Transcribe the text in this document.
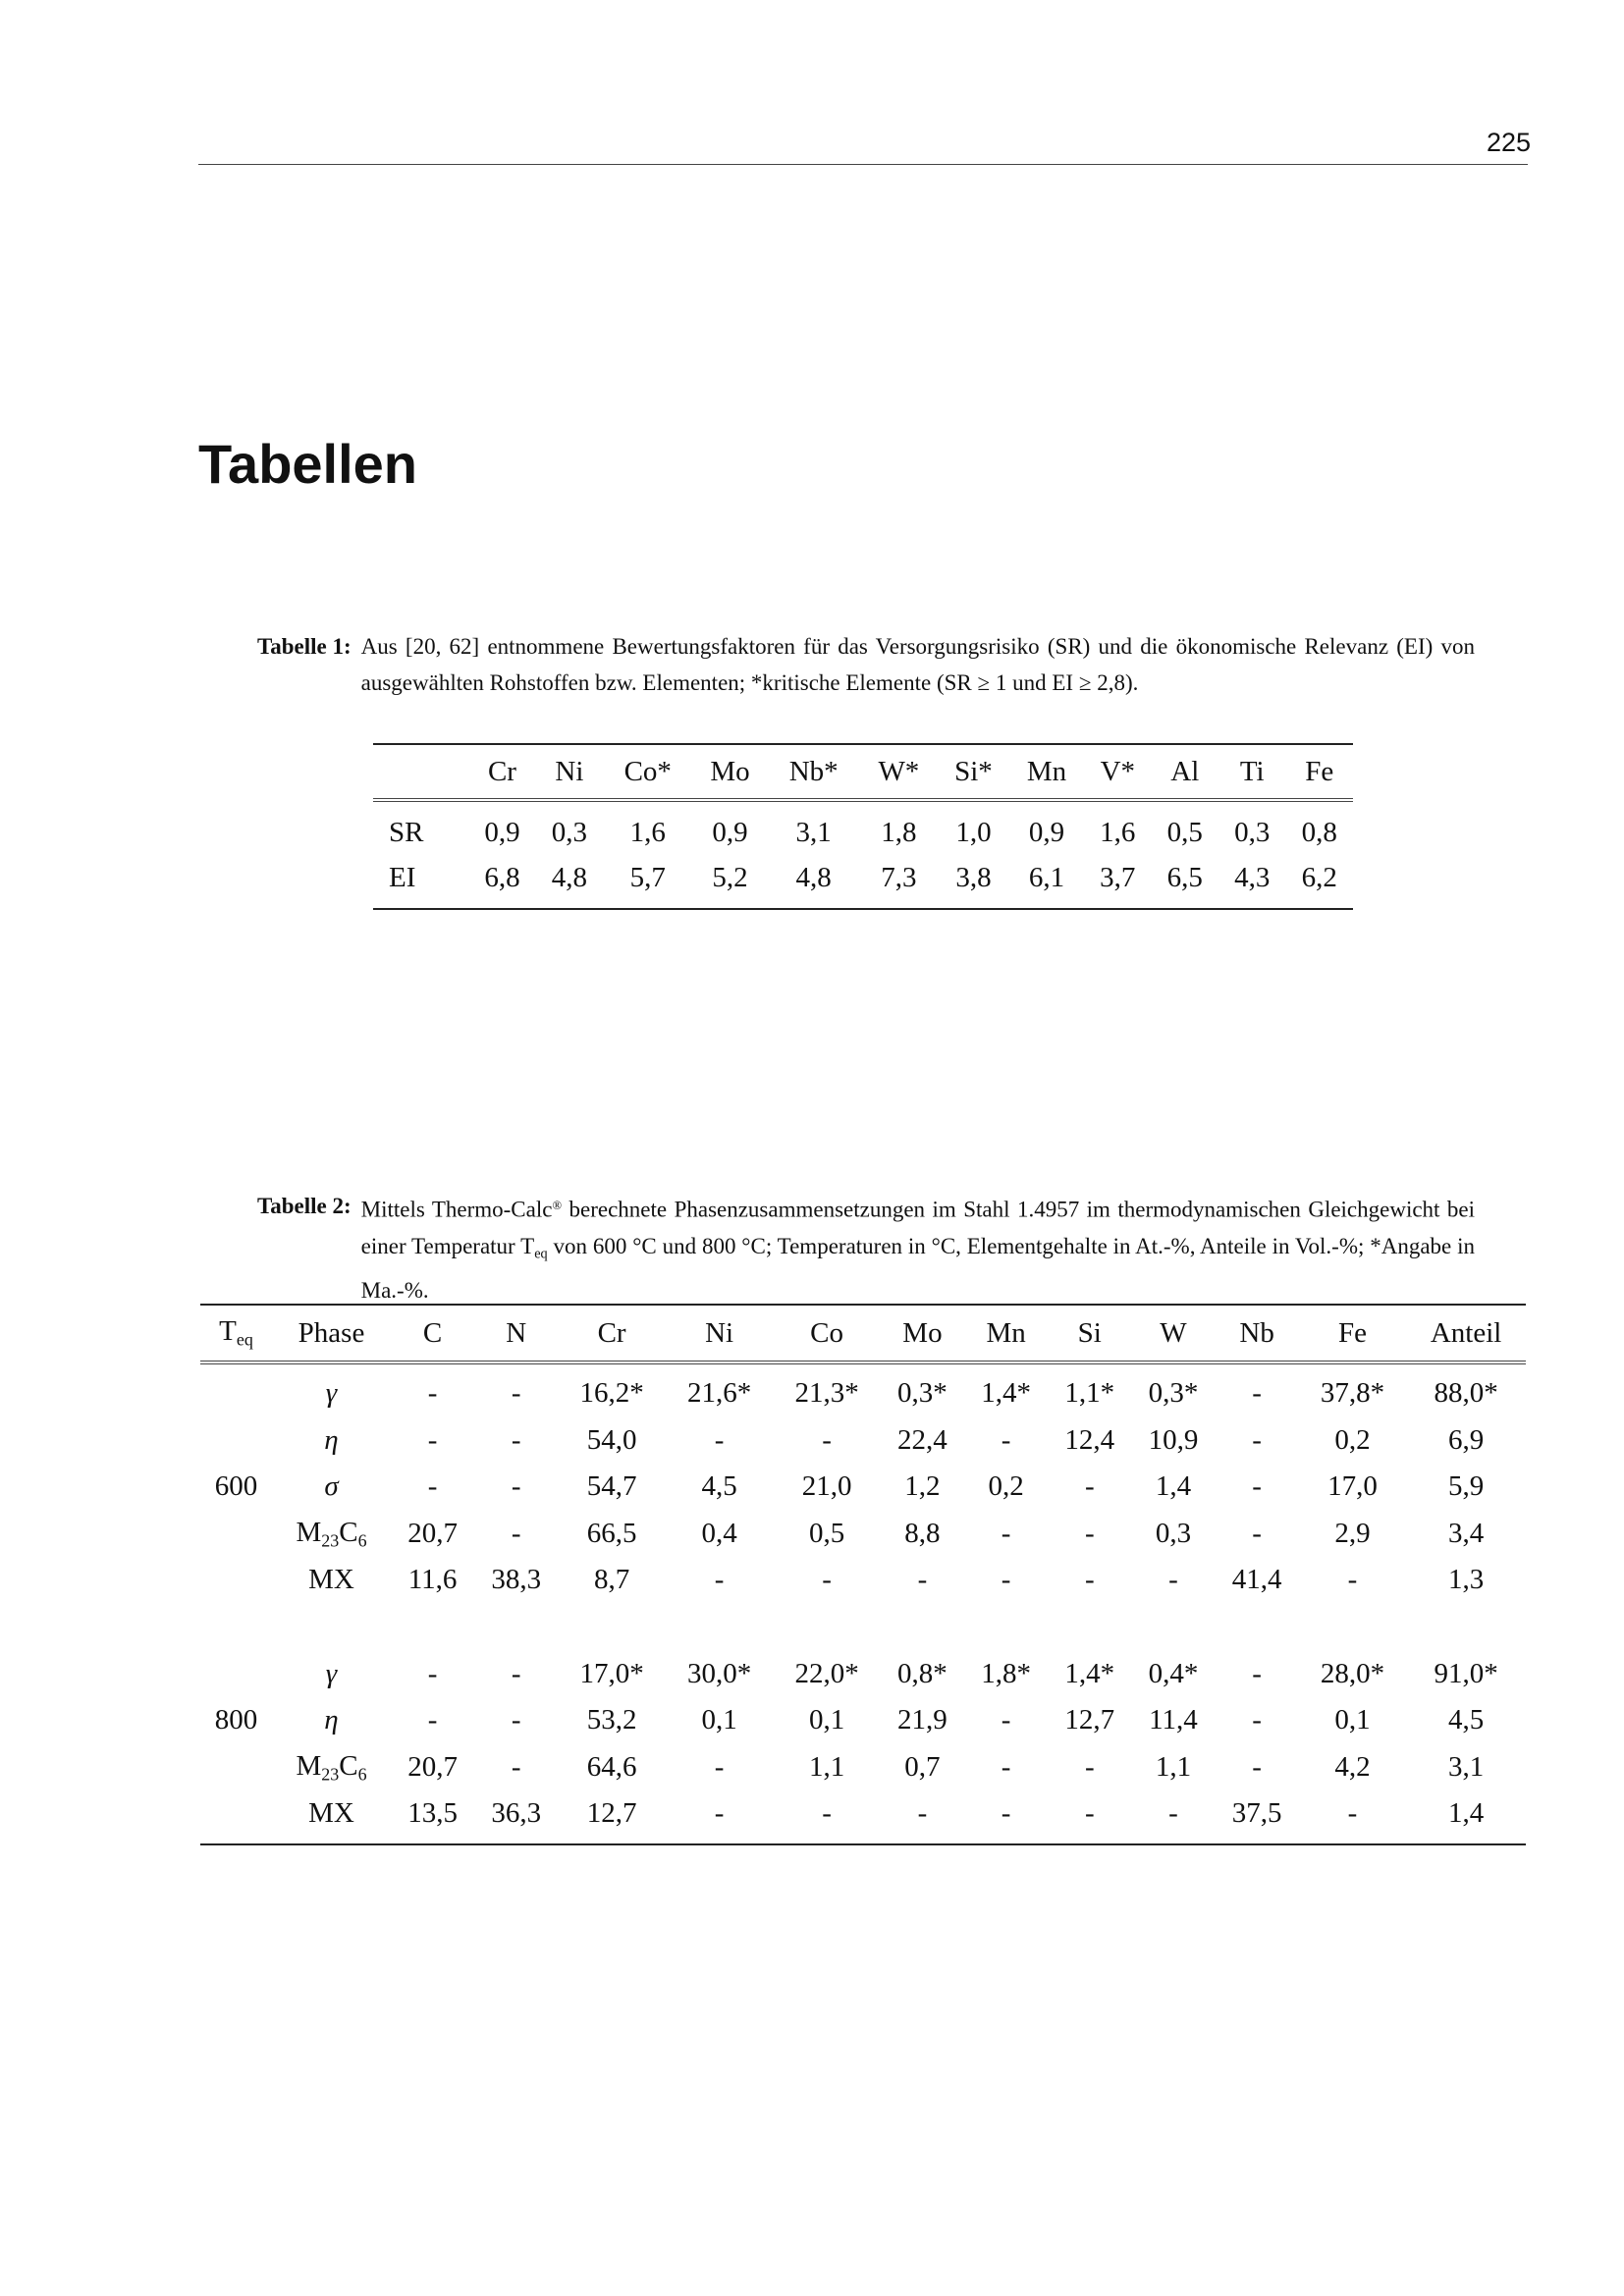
225
Tabellen
Tabelle 1: Aus [20, 62] entnommene Bewertungsfaktoren für das Versorgungsrisiko (SR) und die ökonomische Relevanz (EI) von ausgewählten Rohstoffen bzw. Elementen; *kritische Elemente (SR ≥ 1 und EI ≥ 2,8).
	Cr	Ni	Co*	Mo	Nb*	W*	Si*	Mn	V*	Al	Ti	Fe
SR	0,9	0,3	1,6	0,9	3,1	1,8	1,0	0,9	1,6	0,5	0,3	0,8
EI	6,8	4,8	5,7	5,2	4,8	7,3	3,8	6,1	3,7	6,5	4,3	6,2
Tabelle 2: Mittels Thermo-Calc® berechnete Phasenzusammensetzungen im Stahl 1.4957 im thermodynamischen Gleichgewicht bei einer Temperatur $T_{eq}$ von 600 °C und 800 °C; Temperaturen in °C, Elementgehalte in At.-%, Anteile in Vol.-%; *Angabe in Ma.-%.
$T_{eq}$	Phase	C	N	Cr	Ni	Co	Mo	Mn	Si	W	Nb	Fe	Anteil
	γ	-	-	16,2*	21,6*	21,3*	0,3*	1,4*	1,1*	0,3*	-	37,8*	88,0*
	η	-	-	54,0	-	-	22,4	-	12,4	10,9	-	0,2	6,9
600	σ	-	-	54,7	4,5	21,0	1,2	0,2	-	1,4	-	17,0	5,9
	$M_{23}C_6$	20,7	-	66,5	0,4	0,5	8,8	-	-	0,3	-	2,9	3,4
	MX	11,6	38,3	8,7	-	-	-	-	-	-	41,4	-	1,3

	γ	-	-	17,0*	30,0*	22,0*	0,8*	1,8*	1,4*	0,4*	-	28,0*	91,0*
800	η	-	-	53,2	0,1	0,1	21,9	-	12,7	11,4	-	0,1	4,5
	$M_{23}C_6$	20,7	-	64,6	-	1,1	0,7	-	-	1,1	-	4,2	3,1
	MX	13,5	36,3	12,7	-	-	-	-	-	-	37,5	-	1,4
